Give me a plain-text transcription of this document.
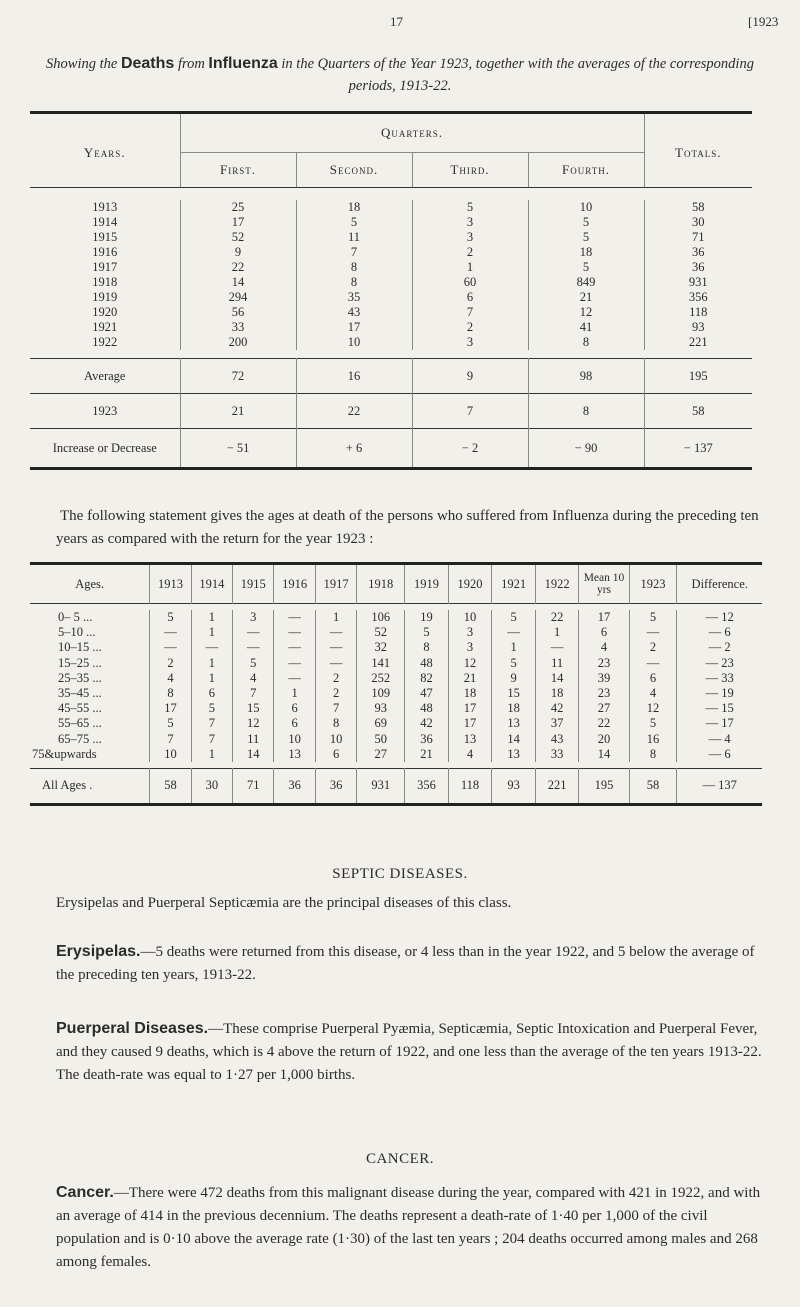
17	[1923
Showing the Deaths from Influenza in the Quarters of the Year 1923, together with the averages of the corresponding periods, 1913-22.
Years.	Quarters.				Totals.
	First.	Second.	Third.	Fourth.	

1913	25	18	5	10	58
1914	17	5	3	5	30
1915	52	11	3	5	71
1916	9	7	2	18	36
1917	22	8	1	5	36
1918	14	8	60	849	931
1919	294	35	6	21	356
1920	56	43	7	12	118
1921	33	17	2	41	93
1922	200	10	3	8	221

Average	72	16	9	98	195
1923	21	22	7	8	58
Increase or Decrease	− 51	+ 6	− 2	− 90	− 137
The following statement gives the ages at death of the persons who suffered from Influenza during the preceding ten years as compared with the return for the year 1923 :
Ages.	1913	1914	1915	1916	1917	1918	1919	1920	1921	1922	Mean 10 yrs	1923	Difference.

0– 5 ...	5	1	3	—	1	106	19	10	5	22	17	5	— 12
5–10 ...	—	1	—	—	—	52	5	3	—	1	6	—	— 6
10–15 ...	—	—	—	—	—	32	8	3	1	—	4	2	— 2
15–25 ...	2	1	5	—	—	141	48	12	5	11	23	—	— 23
25–35 ...	4	1	4	—	2	252	82	21	9	14	39	6	— 33
35–45 ...	8	6	7	1	2	109	47	18	15	18	23	4	— 19
45–55 ...	17	5	15	6	7	93	48	17	18	42	27	12	— 15
55–65 ...	5	7	12	6	8	69	42	17	13	37	22	5	— 17
65–75 ...	7	7	11	10	10	50	36	13	14	43	20	16	— 4
75&upwards	10	1	14	13	6	27	21	4	13	33	14	8	— 6

All Ages .	58	30	71	36	36	931	356	118	93	221	195	58	— 137
SEPTIC DISEASES.
Erysipelas and Puerperal Septicæmia are the principal diseases of this class.
Erysipelas.—5 deaths were returned from this disease, or 4 less than in the year 1922, and 5 below the average of the preceding ten years, 1913-22.
Puerperal Diseases.—These comprise Puerperal Pyæmia, Septicæmia, Septic Intoxication and Puerperal Fever, and they caused 9 deaths, which is 4 above the return of 1922, and one less than the average of the ten years 1913-22. The death-rate was equal to 1·27 per 1,000 births.
CANCER.
Cancer.—There were 472 deaths from this malignant disease during the year, compared with 421 in 1922, and with an average of 414 in the previous decennium. The deaths represent a death-rate of 1·40 per 1,000 of the civil population and is 0·10 above the average rate (1·30) of the last ten years ; 204 deaths occurred among males and 268 among females.
